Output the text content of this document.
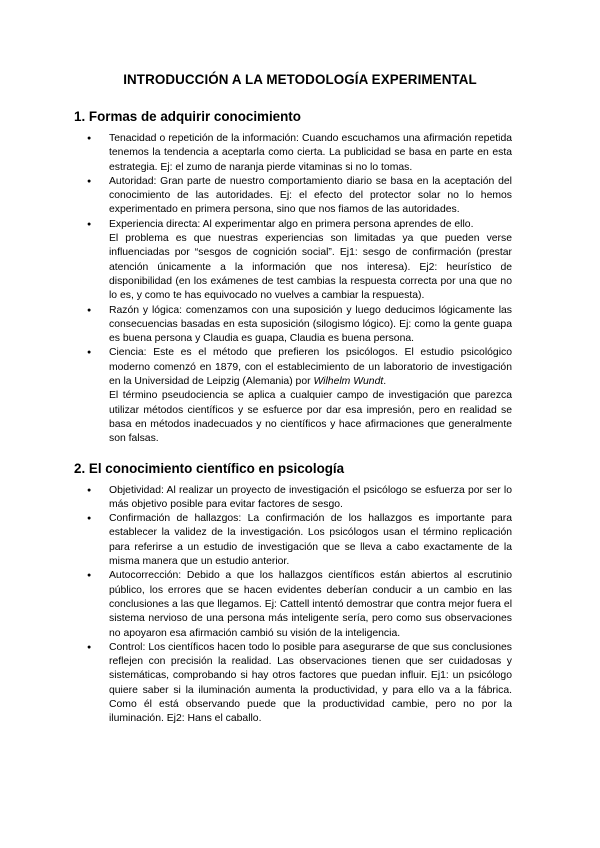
INTRODUCCIÓN A LA METODOLOGÍA EXPERIMENTAL
1. Formas de adquirir conocimiento
● Tenacidad o repetición de la información: Cuando escuchamos una afirmación repetida tenemos la tendencia a aceptarla como cierta. La publicidad se basa en parte en esta estrategia. Ej: el zumo de naranja pierde vitaminas si no lo tomas.
● Autoridad: Gran parte de nuestro comportamiento diario se basa en la aceptación del conocimiento de las autoridades. Ej: el efecto del protector solar no lo hemos experimentado en primera persona, sino que nos fiamos de las autoridades.
● Experiencia directa: Al experimentar algo en primera persona aprendes de ello.
El problema es que nuestras experiencias son limitadas ya que pueden verse influenciadas por “sesgos de cognición social”. Ej1: sesgo de confirmación (prestar atención únicamente a la información que nos interesa). Ej2: heurístico de disponibilidad (en los exámenes de test cambias la respuesta correcta por una que no lo es, y como te has equivocado no vuelves a cambiar la respuesta).
● Razón y lógica: comenzamos con una suposición y luego deducimos lógicamente las consecuencias basadas en esta suposición (silogismo lógico). Ej: como la gente guapa es buena persona y Claudia es guapa, Claudia es buena persona.
● Ciencia: Este es el método que prefieren los psicólogos. El estudio psicológico moderno comenzó en 1879, con el establecimiento de un laboratorio de investigación en la Universidad de Leipzig (Alemania) por Wilhelm Wundt.
El término pseudociencia se aplica a cualquier campo de investigación que parezca utilizar métodos científicos y se esfuerce por dar esa impresión, pero en realidad se basa en métodos inadecuados y no científicos y hace afirmaciones que generalmente son falsas.
2. El conocimiento científico en psicología
● Objetividad: Al realizar un proyecto de investigación el psicólogo se esfuerza por ser lo más objetivo posible para evitar factores de sesgo.
● Confirmación de hallazgos: La confirmación de los hallazgos es importante para establecer la validez de la investigación. Los psicólogos usan el término replicación para referirse a un estudio de investigación que se lleva a cabo exactamente de la misma manera que un estudio anterior.
● Autocorrección: Debido a que los hallazgos científicos están abiertos al escrutinio público, los errores que se hacen evidentes deberían conducir a un cambio en las conclusiones a las que llegamos. Ej: Cattell intentó demostrar que contra mejor fuera el sistema nervioso de una persona más inteligente sería, pero como sus observaciones no apoyaron esa afirmación cambió su visión de la inteligencia.
● Control: Los científicos hacen todo lo posible para asegurarse de que sus conclusiones reflejen con precisión la realidad. Las observaciones tienen que ser cuidadosas y sistemáticas, comprobando si hay otros factores que puedan influir. Ej1: un psicólogo quiere saber si la iluminación aumenta la productividad, y para ello va a la fábrica. Como él está observando puede que la productividad cambie, pero no por la iluminación. Ej2: Hans el caballo.
